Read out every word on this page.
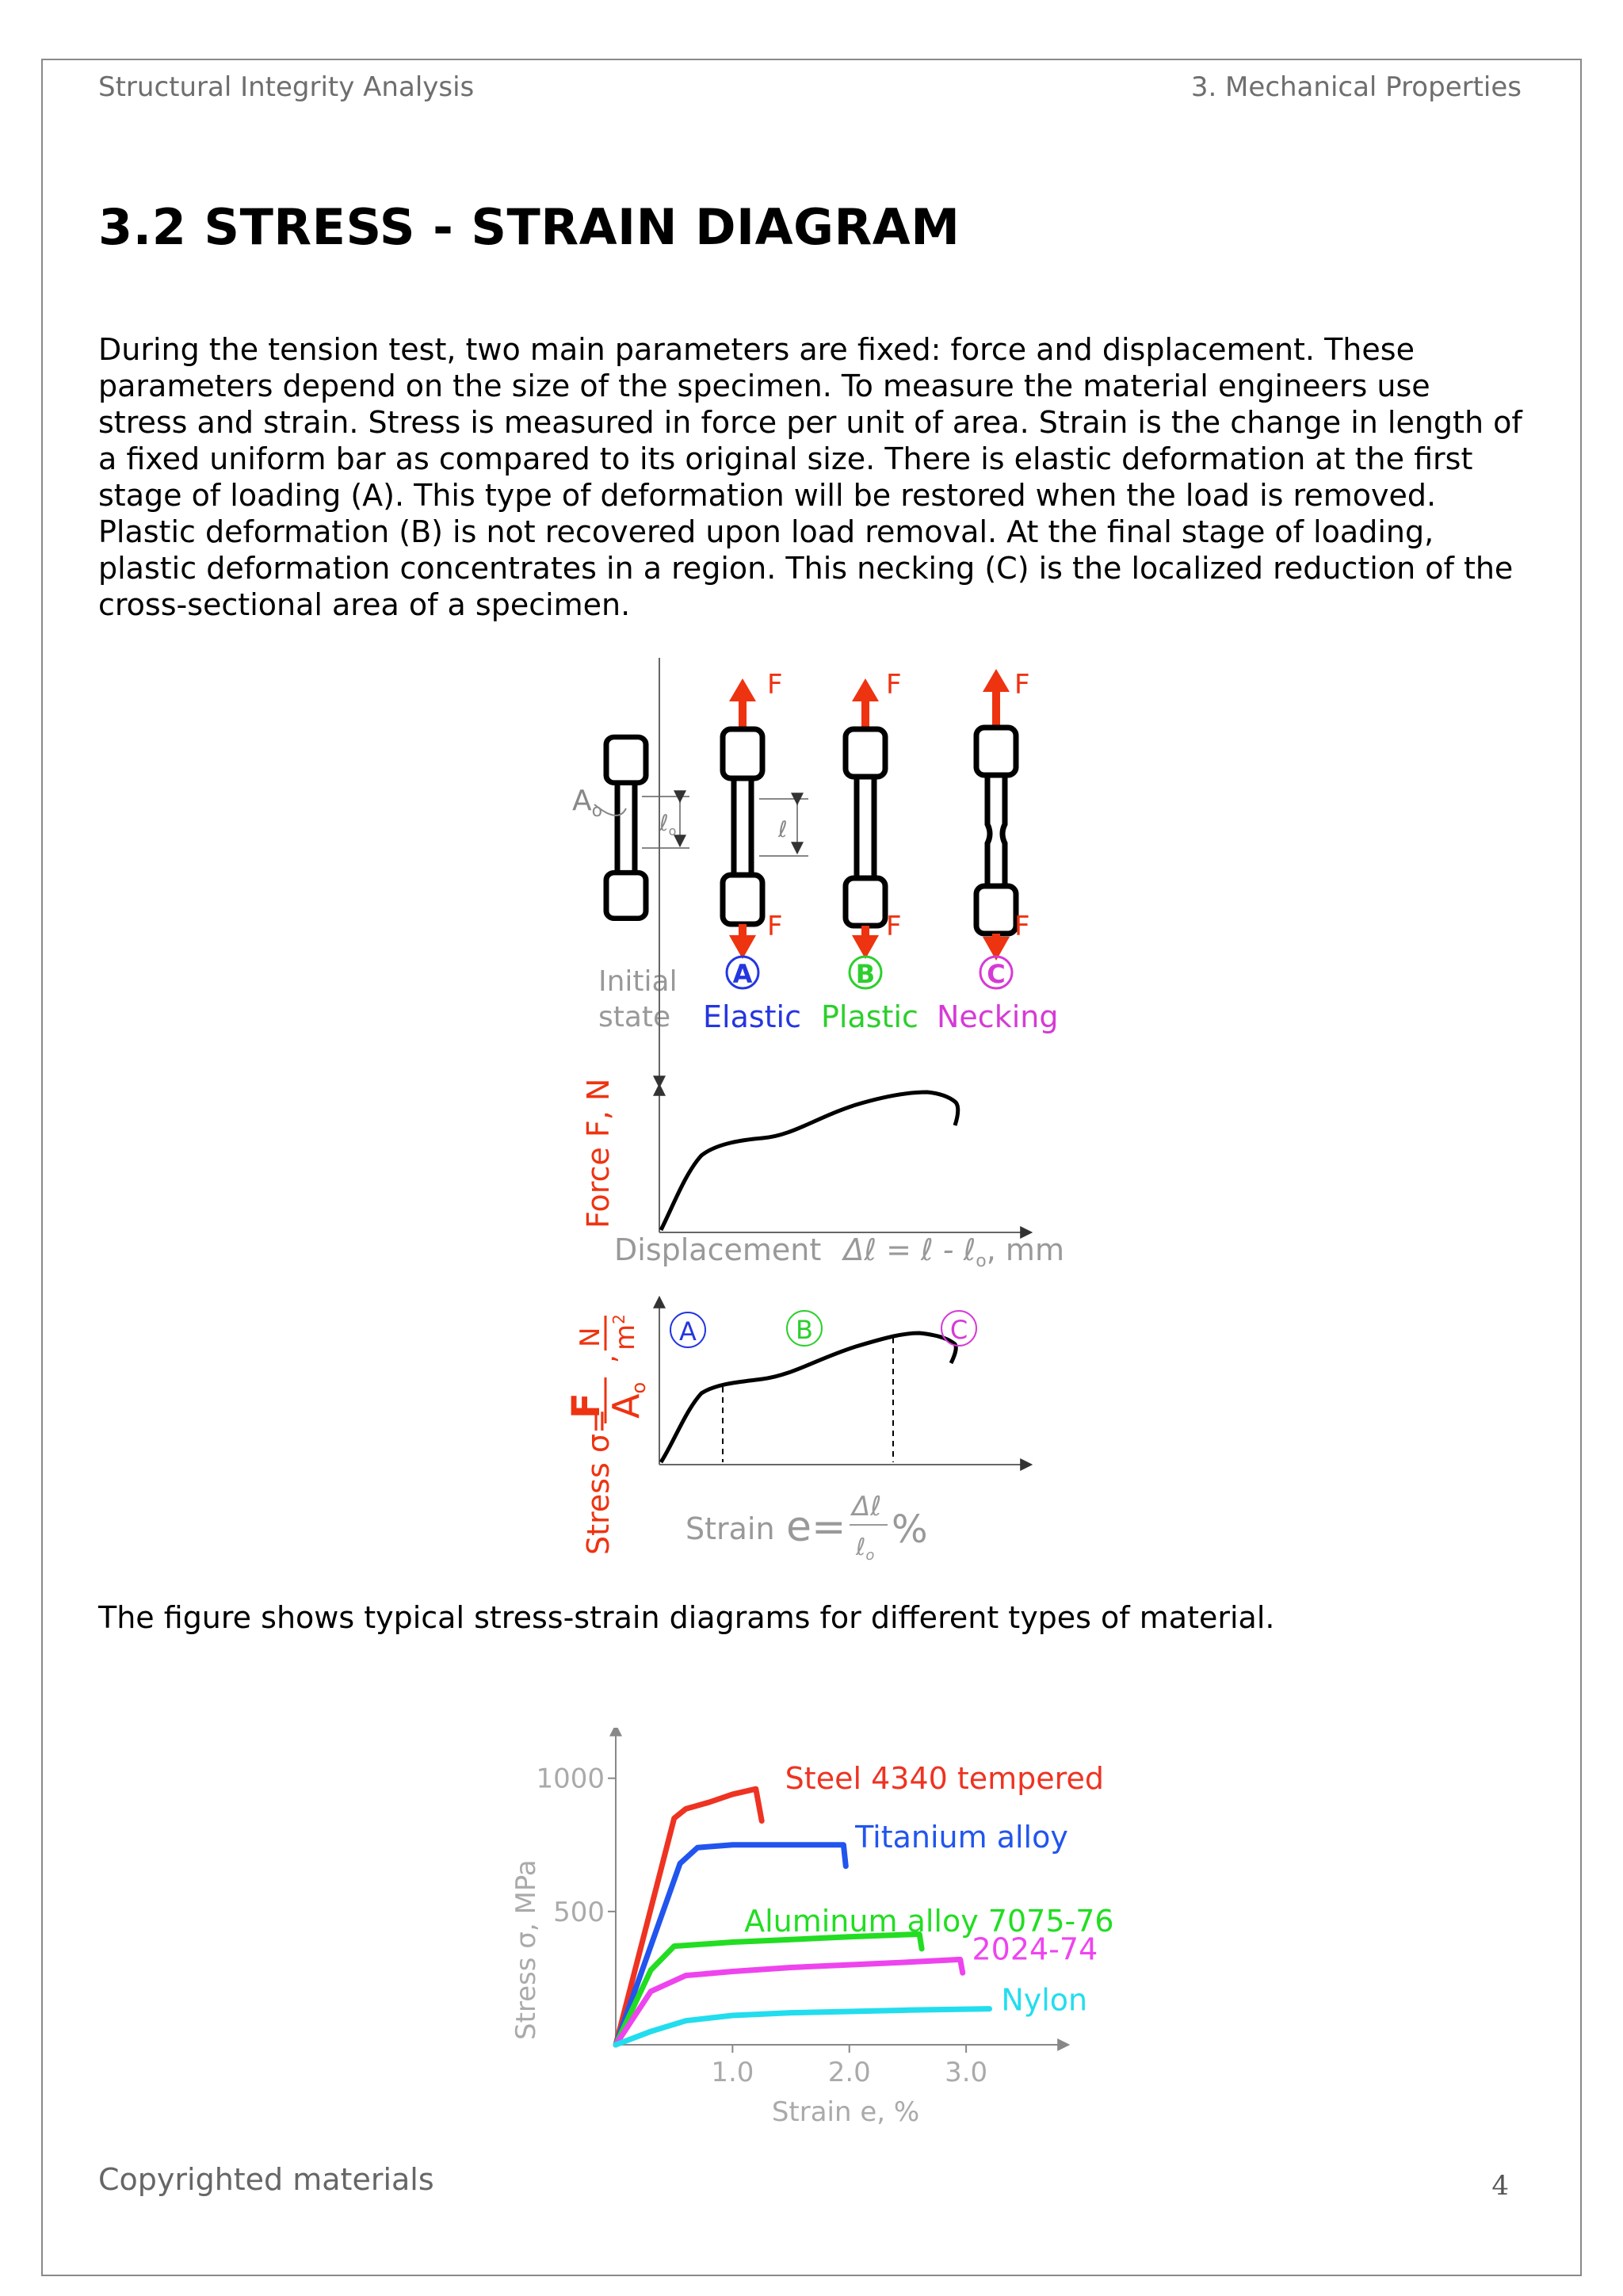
Structural Integrity Analysis	3. Mechanical Properties
3.2 STRESS - STRAIN DIAGRAM

During the tension test, two main parameters are fixed: force and displacement. These parameters depend on the size of the specimen. To measure the material engineers use stress and strain. Stress is measured in force per unit of area. Strain is the change in length of a fixed uniform bar as compared to its original size. There is elastic deformation at the first stage of loading (A). This type of deformation will be restored when the load is removed. Plastic deformation (B) is not recovered upon load removal. At the final stage of loading, plastic deformation concentrates in a region. This necking (C) is the localized reduction of the cross-sectional area of a specimen.

$A_o$	ℓ$_o$
F
F
ℓ
F
F
F
F
Initial
state
A
Elastic
B
Plastic
C
Necking
Force F, N
Displacement Δℓ = ℓ - ℓ$_o$, mm
A	B	C
Stress σ=
F
Ao
,
N $m^2$
Strain e= Δℓ
ℓ$_o$
%

The figure shows typical stress-strain diagrams for different types of material.

500
1000
1.0	2.0	3.0
Stress σ, MPa
Strain e, %
Steel 4340 tempered
Titanium alloy
Aluminum alloy 7075-76
2024-74
Nylon
Copyrighted materials	4
